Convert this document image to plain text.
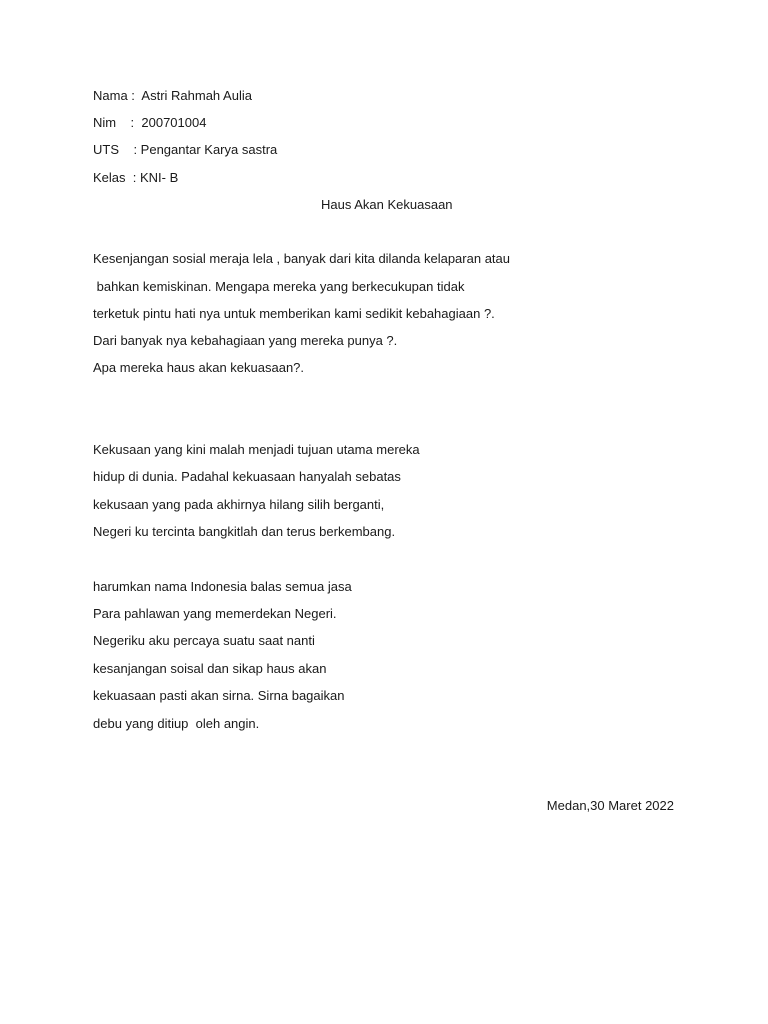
Nama :  Astri Rahmah Aulia
Nim    :  200701004
UTS    : Pengantar Karya sastra
Kelas  : KNI- B
Haus Akan Kekuasaan
Kesenjangan sosial meraja lela , banyak dari kita dilanda kelaparan atau
bahkan kemiskinan. Mengapa mereka yang berkecukupan tidak
terketuk pintu hati nya untuk memberikan kami sedikit kebahagiaan ?.
Dari banyak nya kebahagiaan yang mereka punya ?.
Apa mereka haus akan kekuasaan?.
Kekusaan yang kini malah menjadi tujuan utama mereka
hidup di dunia. Padahal kekuasaan hanyalah sebatas
kekusaan yang pada akhirnya hilang silih berganti,
Negeri ku tercinta bangkitlah dan terus berkembang.
harumkan nama Indonesia balas semua jasa
Para pahlawan yang memerdekan Negeri.
Negeriku aku percaya suatu saat nanti
kesanjangan soisal dan sikap haus akan
kekuasaan pasti akan sirna. Sirna bagaikan
debu yang ditiup  oleh angin.
Medan,30 Maret 2022
